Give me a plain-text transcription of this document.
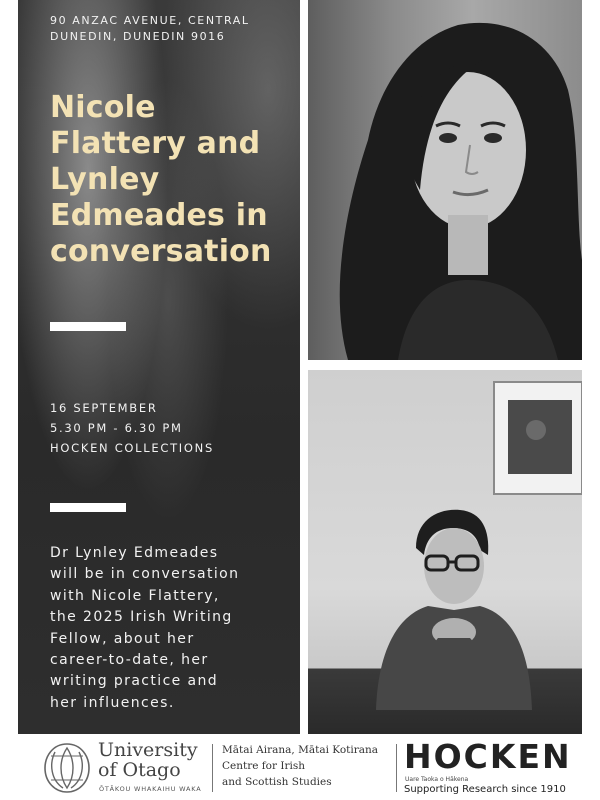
90 ANZAC AVENUE, CENTRAL
DUNEDIN, DUNEDIN 9016
Nicole
Flattery and
Lynley
Edmeades in
conversation
16 SEPTEMBER
5.30 PM - 6.30 PM
HOCKEN COLLECTIONS
Dr Lynley Edmeades
will be in conversation
with Nicole Flattery,
the 2025 Irish Writing
Fellow, about her
career-to-date, her
writing practice and
her influences.
University
of Otago
ŌTĀKOU WHAKAIHU WAKA
Mātai Airana, Mātai Kotirana
Centre for Irish
and Scottish Studies
HOCKEN
Uare Taoka o Hākena
Supporting Research since 1910
